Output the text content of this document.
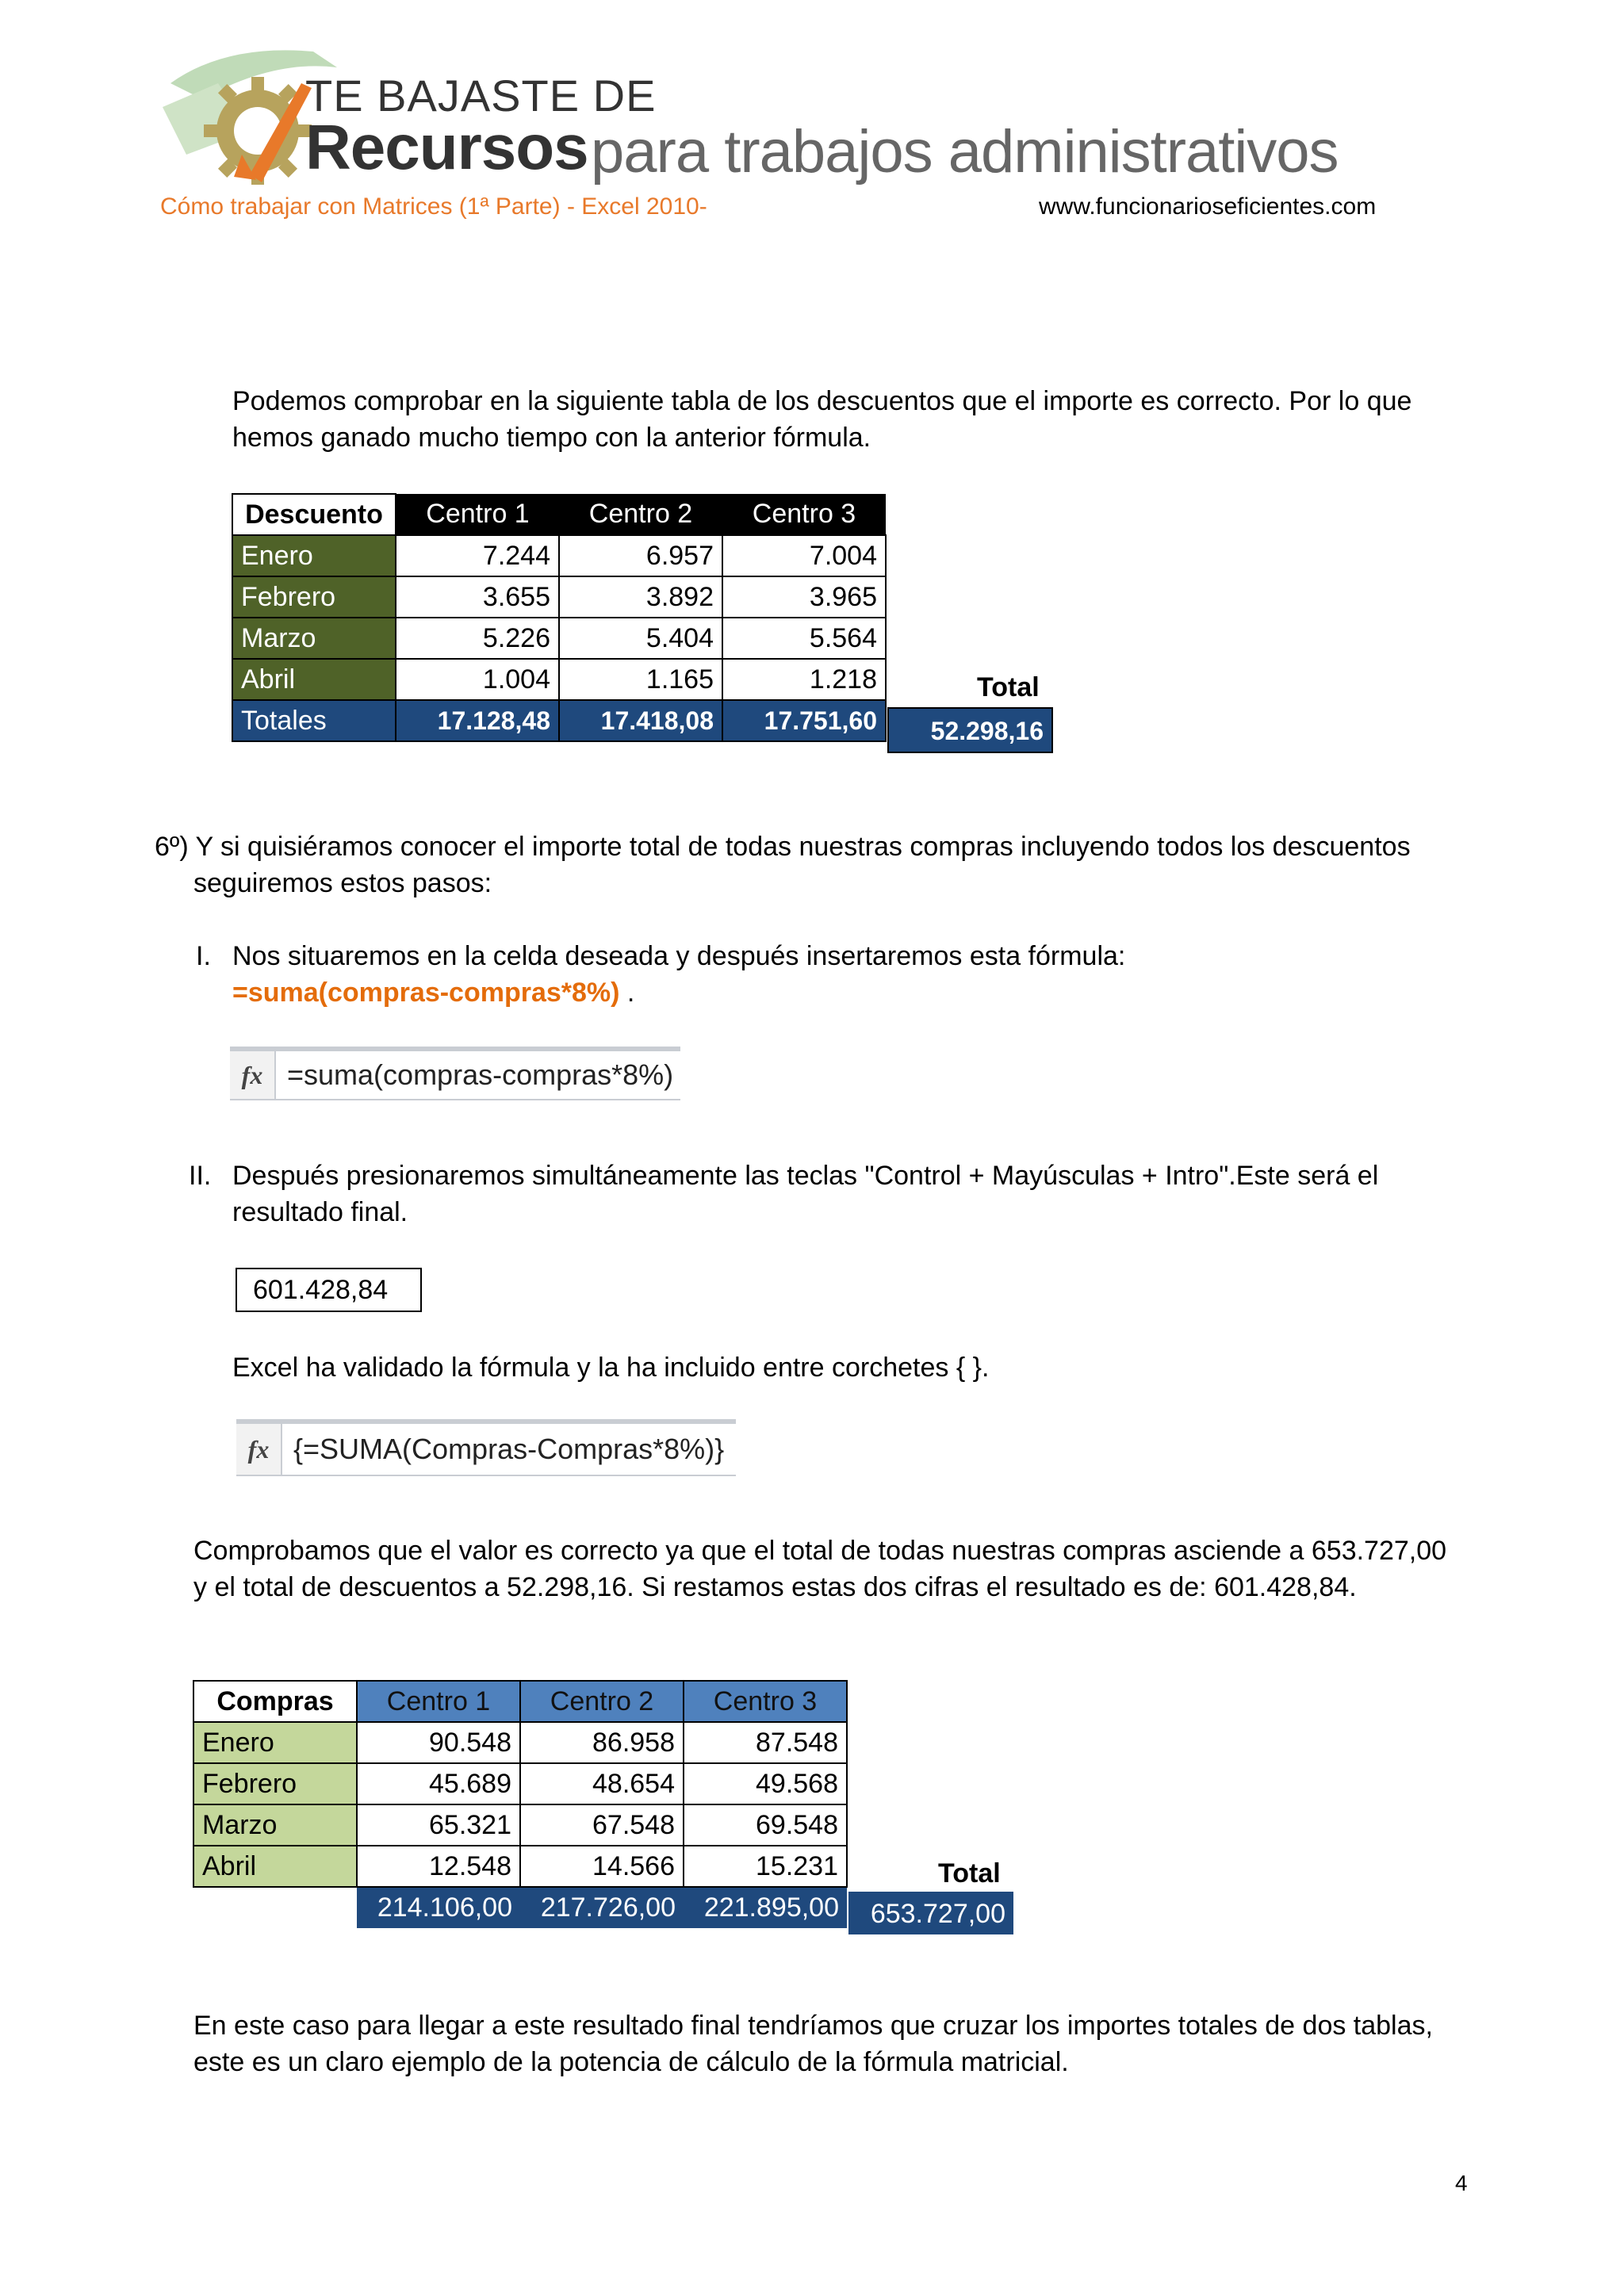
TE BAJASTE DE
Recursos para trabajos administrativos
Cómo trabajar con Matrices (1ª Parte) - Excel 2010-	www.funcionarioseficientes.com
Podemos comprobar en la siguiente tabla de los descuentos que el importe es correcto. Por lo que
hemos ganado mucho tiempo con la anterior fórmula.
Descuento	Centro 1	Centro 2	Centro 3
Enero	7.244	6.957	7.004
Febrero	3.655	3.892	3.965
Marzo	5.226	5.404	5.564
Abril	1.004	1.165	1.218
Totales	17.128,48	17.418,08	17.751,60
Total
52.298,16
6º) Y si quisiéramos conocer el importe total de todas nuestras compras incluyendo todos los descuentos
seguiremos estos pasos:
I. Nos situaremos en la celda deseada y después insertaremos esta fórmula:
=suma(compras-compras*8%) .
fx =suma(compras-compras*8%)
II. Después presionaremos simultáneamente las teclas "Control + Mayúsculas + Intro".Este será el
resultado final.
601.428,84
Excel ha validado la fórmula y la ha incluido entre corchetes { }.
fx {=SUMA(Compras-Compras*8%)}
Comprobamos que el valor es correcto ya que el total de todas nuestras compras asciende a 653.727,00
y el total de descuentos a 52.298,16. Si restamos estas dos cifras el resultado es de: 601.428,84.
Compras	Centro 1	Centro 2	Centro 3
Enero	90.548	86.958	87.548
Febrero	45.689	48.654	49.568
Marzo	65.321	67.548	69.548
Abril	12.548	14.566	15.231
	214.106,00	217.726,00	221.895,00
Total
653.727,00
En este caso para llegar a este resultado final tendríamos que cruzar los importes totales de dos tablas,
este es un claro ejemplo de la potencia de cálculo de la fórmula matricial.
4
